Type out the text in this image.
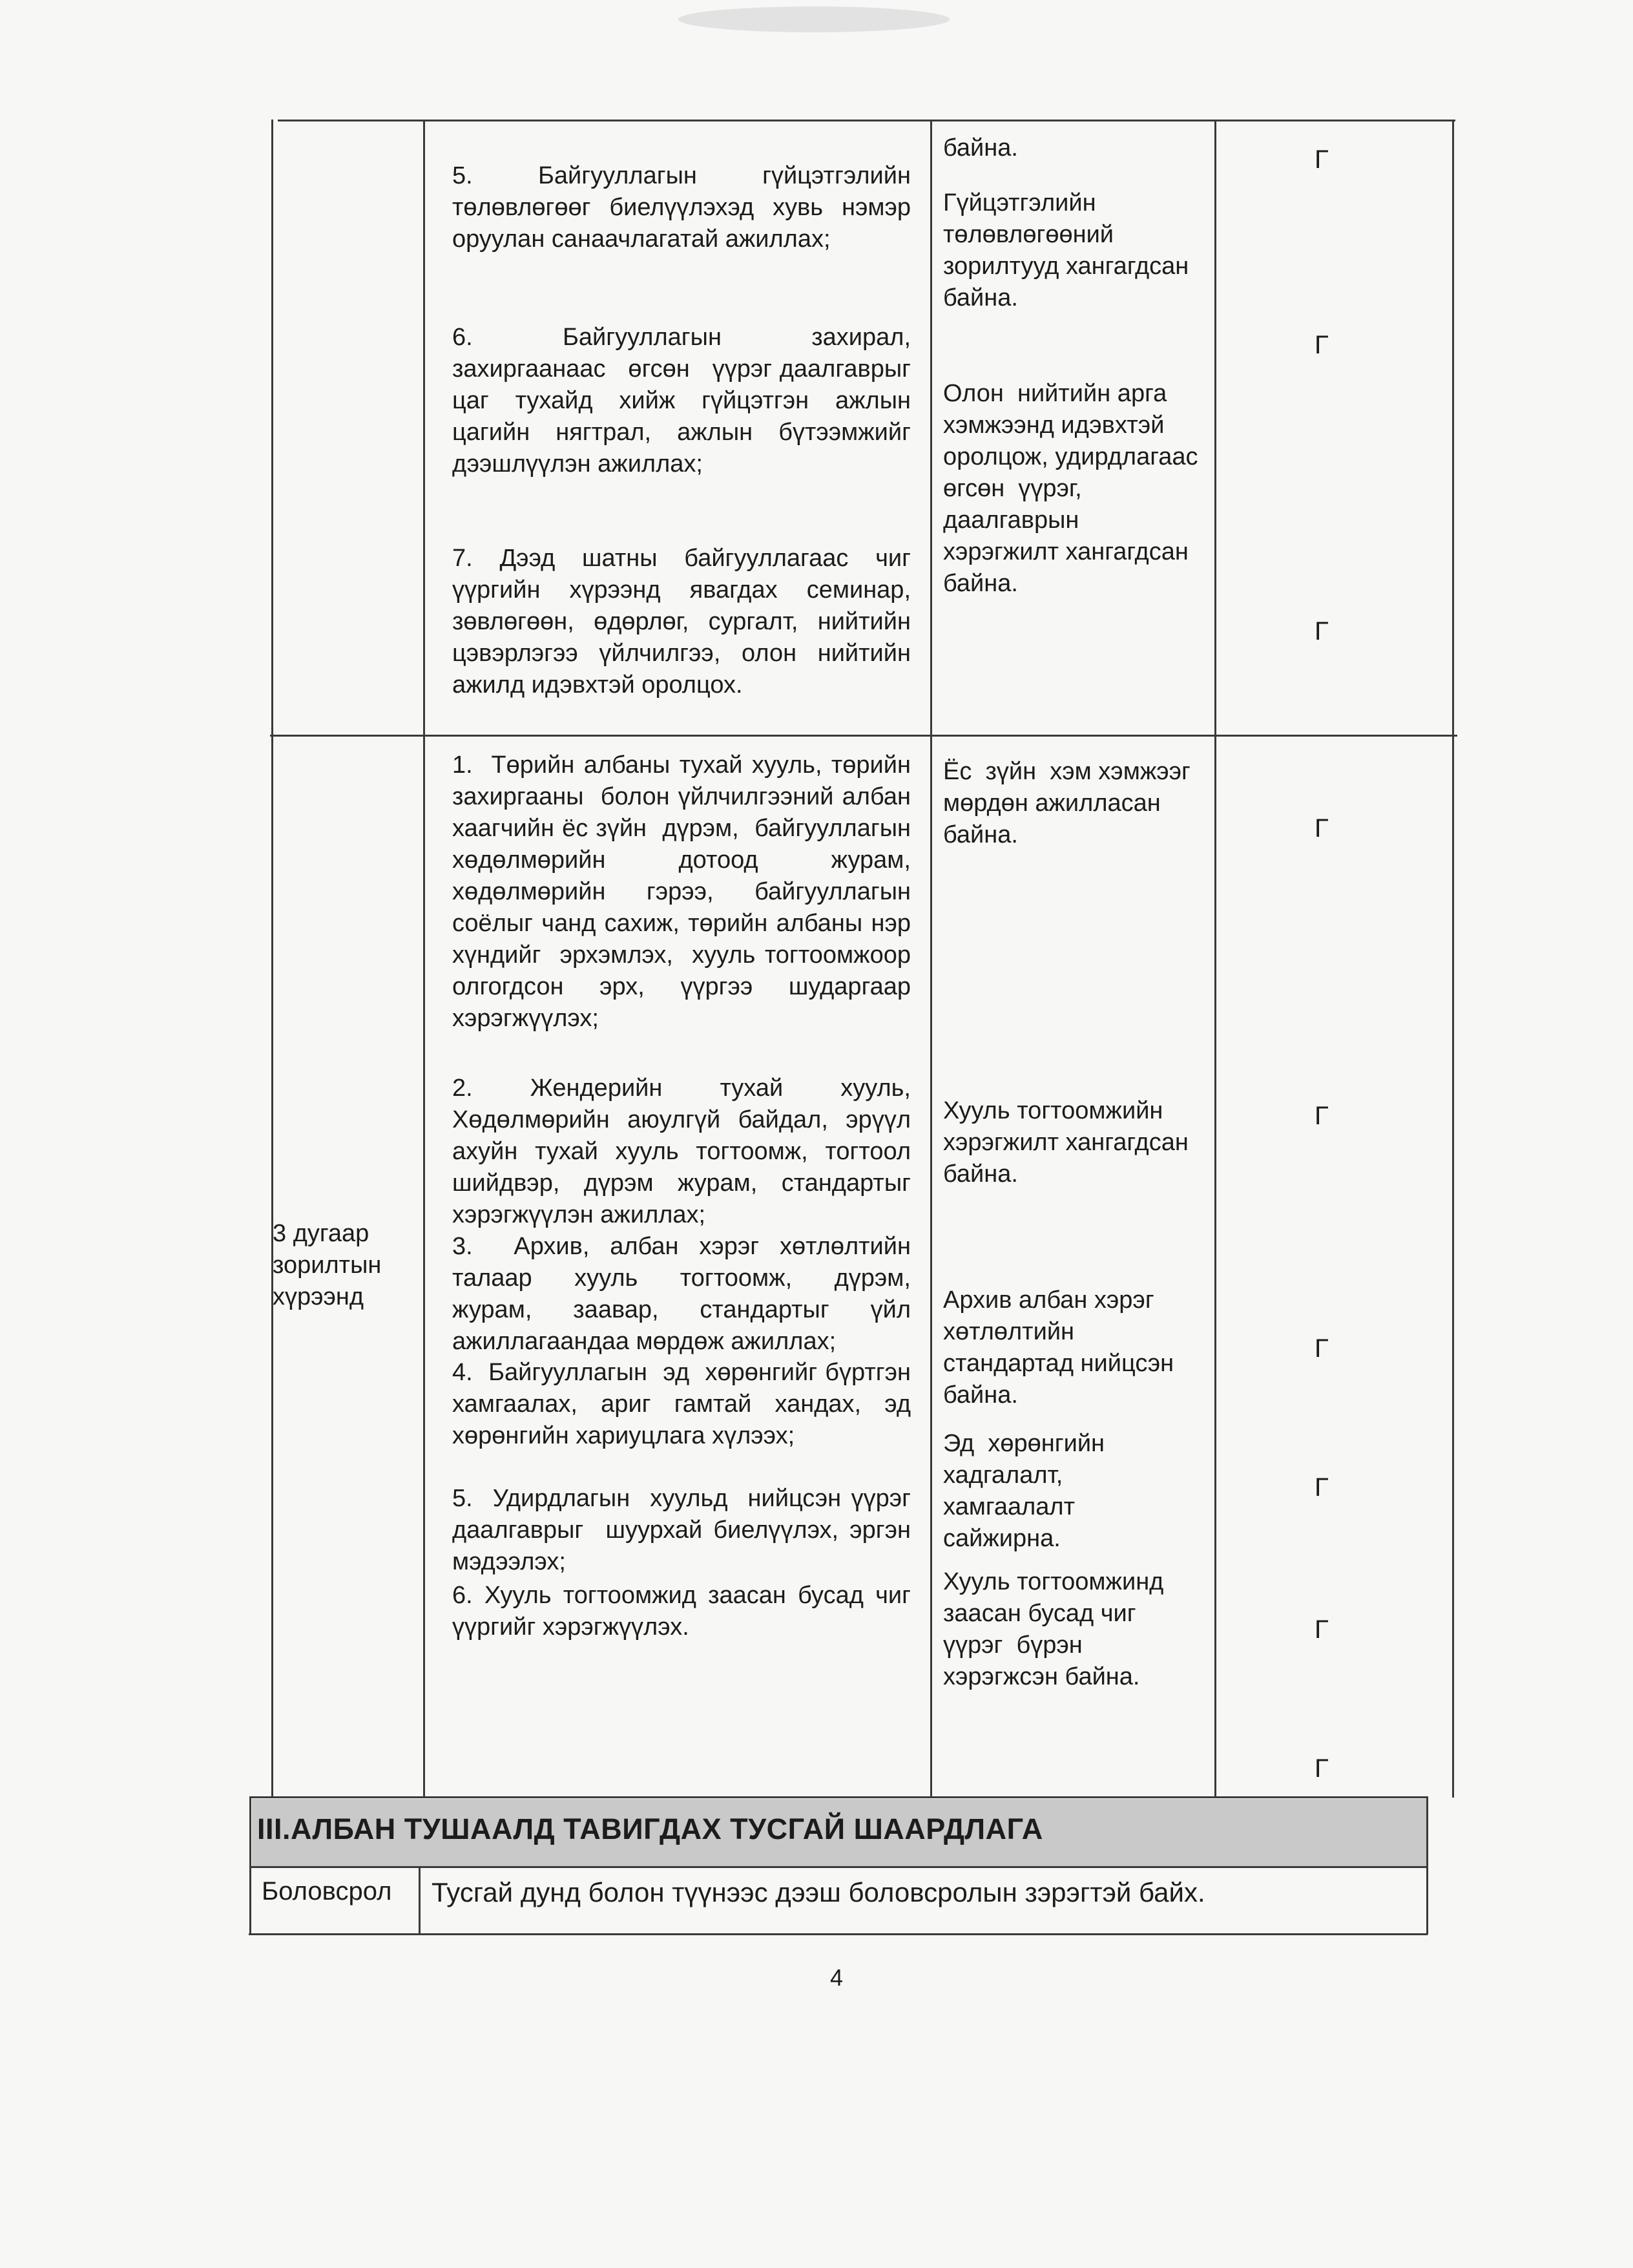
5.  Байгууллагын  гүйцэтгэлийн төлөвлөгөөг биелүүлэхэд хувь нэмэр оруулан санаачлагатай ажиллах;
6.   Байгууллагын   захирал, захиргаанаас   өгсөн   үүрэг даалгаврыг цаг тухайд хийж гүйцэтгэн ажлын цагийн нягтрал, ажлын бүтээмжийг дээшлүүлэн ажиллах;
7. Дээд шатны байгууллагаас чиг үүргийн хүрээнд явагдах семинар, зөвлөгөөн, өдөрлөг, сургалт, нийтийн цэвэрлэгээ үйлчилгээ, олон нийтийн ажилд идэвхтэй оролцох.
байна.
Гүйцэтгэлийн төлөвлөгөөний зорилтууд хангагдсан байна.
Олон  нийтийн арга  хэмжээнд идэвхтэй оролцож, удирдлагаас өгсөн  үүрэг, даалгаврын хэрэгжилт хангагдсан байна.
Г
Г
Г
3 дугаар зорилтын хүрээнд
1.  Төрийн албаны тухай хууль, төрийн  захиргааны  болон үйлчилгээний албан хаагчийн ёс зүйн  дүрэм,  байгууллагын хөдөлмөрийн  дотоод  журам, хөдөлмөрийн гэрээ, байгууллагын соёлыг чанд сахиж, төрийн албаны нэр  хүндийг  эрхэмлэх,  хууль тогтоомжоор олгогдсон эрх, үүргээ шударгаар хэрэгжүүлэх;
2.  Жендерийн  тухай  хууль, Хөдөлмөрийн аюулгүй байдал, эрүүл ахуйн тухай хууль тогтоомж, тогтоол шийдвэр, дүрэм журам, стандартыг хэрэгжүүлэн ажиллах;
3.  Архив, албан хэрэг хөтлөлтийн талаар  хууль  тогтоомж,  дүрэм, журам,  заавар,  стандартыг  үйл ажиллагаандаа мөрдөж ажиллах;
4.  Байгууллагын  эд  хөрөнгийг бүртгэн хамгаалах, ариг гамтай хандах, эд хөрөнгийн хариуцлага хүлээх;
5.  Удирдлагын  хуульд  нийцсэн үүрэг  даалгаврыг  шуурхай биелүүлэх, эргэн мэдээлэх;
6. Хууль тогтоомжид заасан бусад чиг үүргийг хэрэгжүүлэх.
Ёс  зүйн  хэм хэмжээг мөрдөн ажилласан байна.
Хууль тогтоомжийн хэрэгжилт хангагдсан байна.
Архив албан хэрэг хөтлөлтийн стандартад нийцсэн байна.
Эд  хөрөнгийн хадгалалт, хамгаалалт сайжирна.
Хууль тогтоомжинд заасан бусад чиг үүрэг  бүрэн хэрэгжсэн байна.
Г
Г
Г
Г
Г
Г
III.АЛБАН ТУШААЛД ТАВИГДАХ ТУСГАЙ ШААРДЛАГА
Боловсрол Тусгай дунд болон түүнээс дээш боловсролын зэрэгтэй байх.
4
